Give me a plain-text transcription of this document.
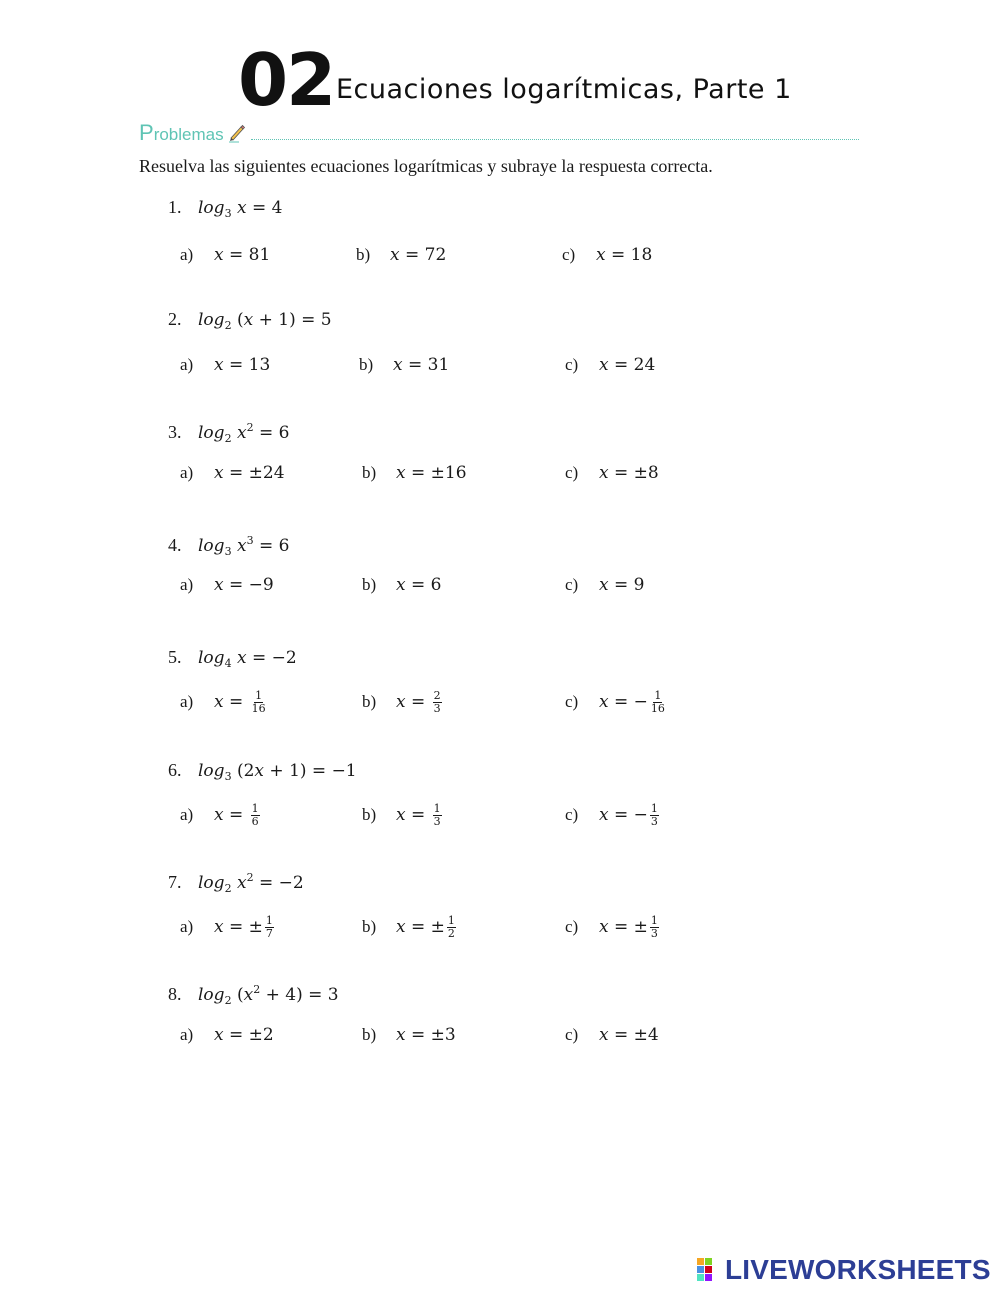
02 Ecuaciones logarítmicas, Parte 1
Problemas
Resuelva las siguientes ecuaciones logarítmicas y subraye la respuesta correcta.
1. $\log_3 x = 4$
a) x = 81	b) x = 72	c) x = 18
2. $\log_2 (x + 1) = 5$
a) x = 13	b) x = 31	c) x = 24
3. $\log_2 x^2 = 6$
a) x = ±24	b) x = ±16	c) x = ±8
4. $\log_3 x^3 = 6$
a) x = −9	b) x = 6	c) x = 9
5. $\log_4 x = -2$
a) $x = \frac{1}{16}$	b) $x = \frac{2}{3}$	c) x = − $\frac{1}{16}$
6. $\log_3 (2x + 1) = -1$
a) $x = \frac{1}{6}$	b) $x = \frac{1}{3}$	c) x = − $\frac{1}{3}$
7. $\log_2 x^2 = -2$
a) x = ± $\frac{1}{7}$	b) x = ± $\frac{1}{2}$	c) x = ± $\frac{1}{3}$
8. $\log_2 (x^2 + 4) = 3$
a) x = ±2	b) x = ±3	c) x = ±4
LIVEWORKSHEETS
